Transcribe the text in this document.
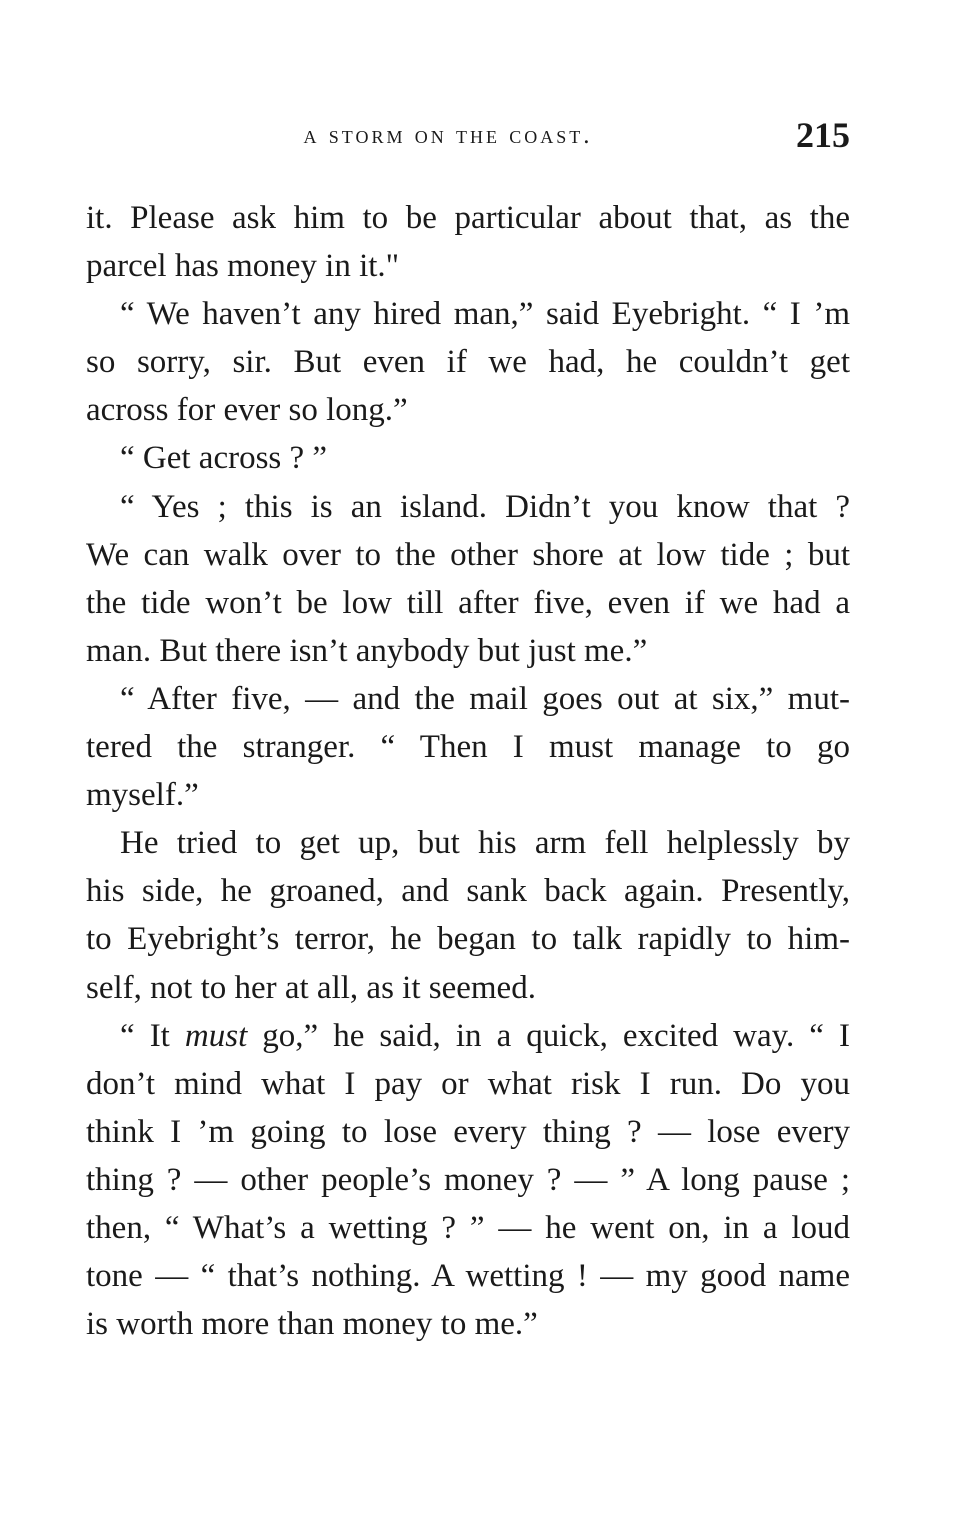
a storm on the coast.	215
it. Please ask him to be particular about that, as the
parcel has money in it."
“ We haven’t any hired man,” said Eyebright. “ I ’m
so sorry, sir. But even if we had, he couldn’t get
across for ever so long.”
“ Get across ? ”
“ Yes ; this is an island. Didn’t you know that ?
We can walk over to the other shore at low tide ; but
the tide won’t be low till after five, even if we had a
man. But there isn’t anybody but just me.”
“ After five, — and the mail goes out at six,” mut-
tered the stranger. “ Then I must manage to go
myself.”
He tried to get up, but his arm fell helplessly by
his side, he groaned, and sank back again. Presently,
to Eyebright’s terror, he began to talk rapidly to him-
self, not to her at all, as it seemed.
“ It must go,” he said, in a quick, excited way. “ I
don’t mind what I pay or what risk I run. Do you
think I ’m going to lose every thing ? — lose every
thing ? — other people’s money ? — ” A long pause ;
then, “ What’s a wetting ? ” — he went on, in a loud
tone — “ that’s nothing. A wetting ! — my good name
is worth more than money to me.”
